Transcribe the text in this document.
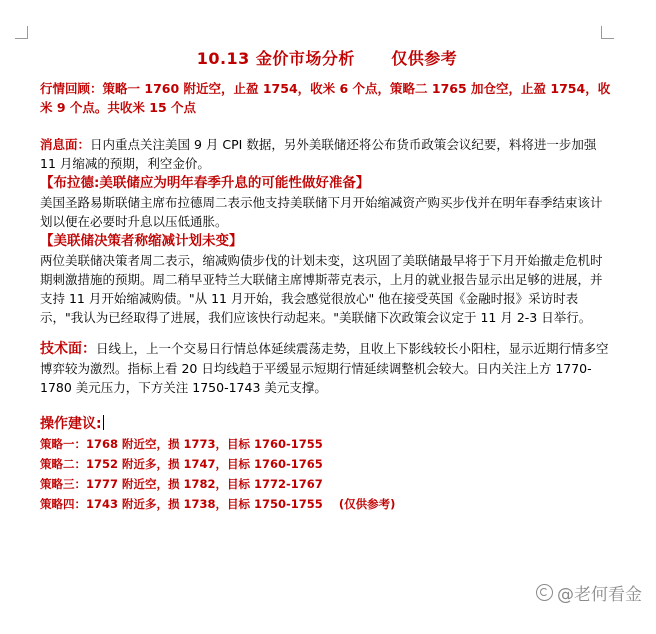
10.13 金价市场分析      仅供参考

行情回顾：策略一 1760 附近空，止盈 1754，收米 6 个点，策略二 1765 加仓空，止盈 1754，收米 9 个点。共收米 15 个点

消息面：日内重点关注美国 9 月 CPI 数据，另外美联储还将公布货币政策会议纪要，料将进一步加强 11 月缩减的预期，利空金价。

【布拉德:美联储应为明年春季升息的可能性做好准备】

美国圣路易斯联储主席布拉德周二表示他支持美联储下月开始缩减资产购买步伐并在明年春季结束该计划以便在必要时升息以压低通胀。

【美联储决策者称缩减计划未变】

两位美联储决策者周二表示，缩减购债步伐的计划未变，这巩固了美联储最早将于下月开始撤走危机时期刺激措施的预期。周二稍早亚特兰大联储主席博斯蒂克表示，上月的就业报告显示出足够的进展，并支持 11 月开始缩减购债。"从 11 月开始，我会感觉很放心" 他在接受英国《金融时报》采访时表示，"我认为已经取得了进展，我们应该快行动起来。"美联储下次政策会议定于 11 月 2-3 日举行。

技术面：日线上，上一个交易日行情总体延续震荡走势，且收上下影线较长小阳柱，显示近期行情多空博弈较为激烈。指标上看 20 日均线趋于平缓显示短期行情延续调整机会较大。日内关注上方 1770-1780 美元压力，下方关注 1750-1743 美元支撑。

操作建议:

策略一：1768 附近空，损 1773，目标 1760-1755

策略二：1752 附近多，损 1747，目标 1760-1765

策略三：1777 附近空，损 1782，目标 1772-1767

策略四：1743 附近多，损 1738，目标 1750-1755    (仅供参考)

@老何看金
